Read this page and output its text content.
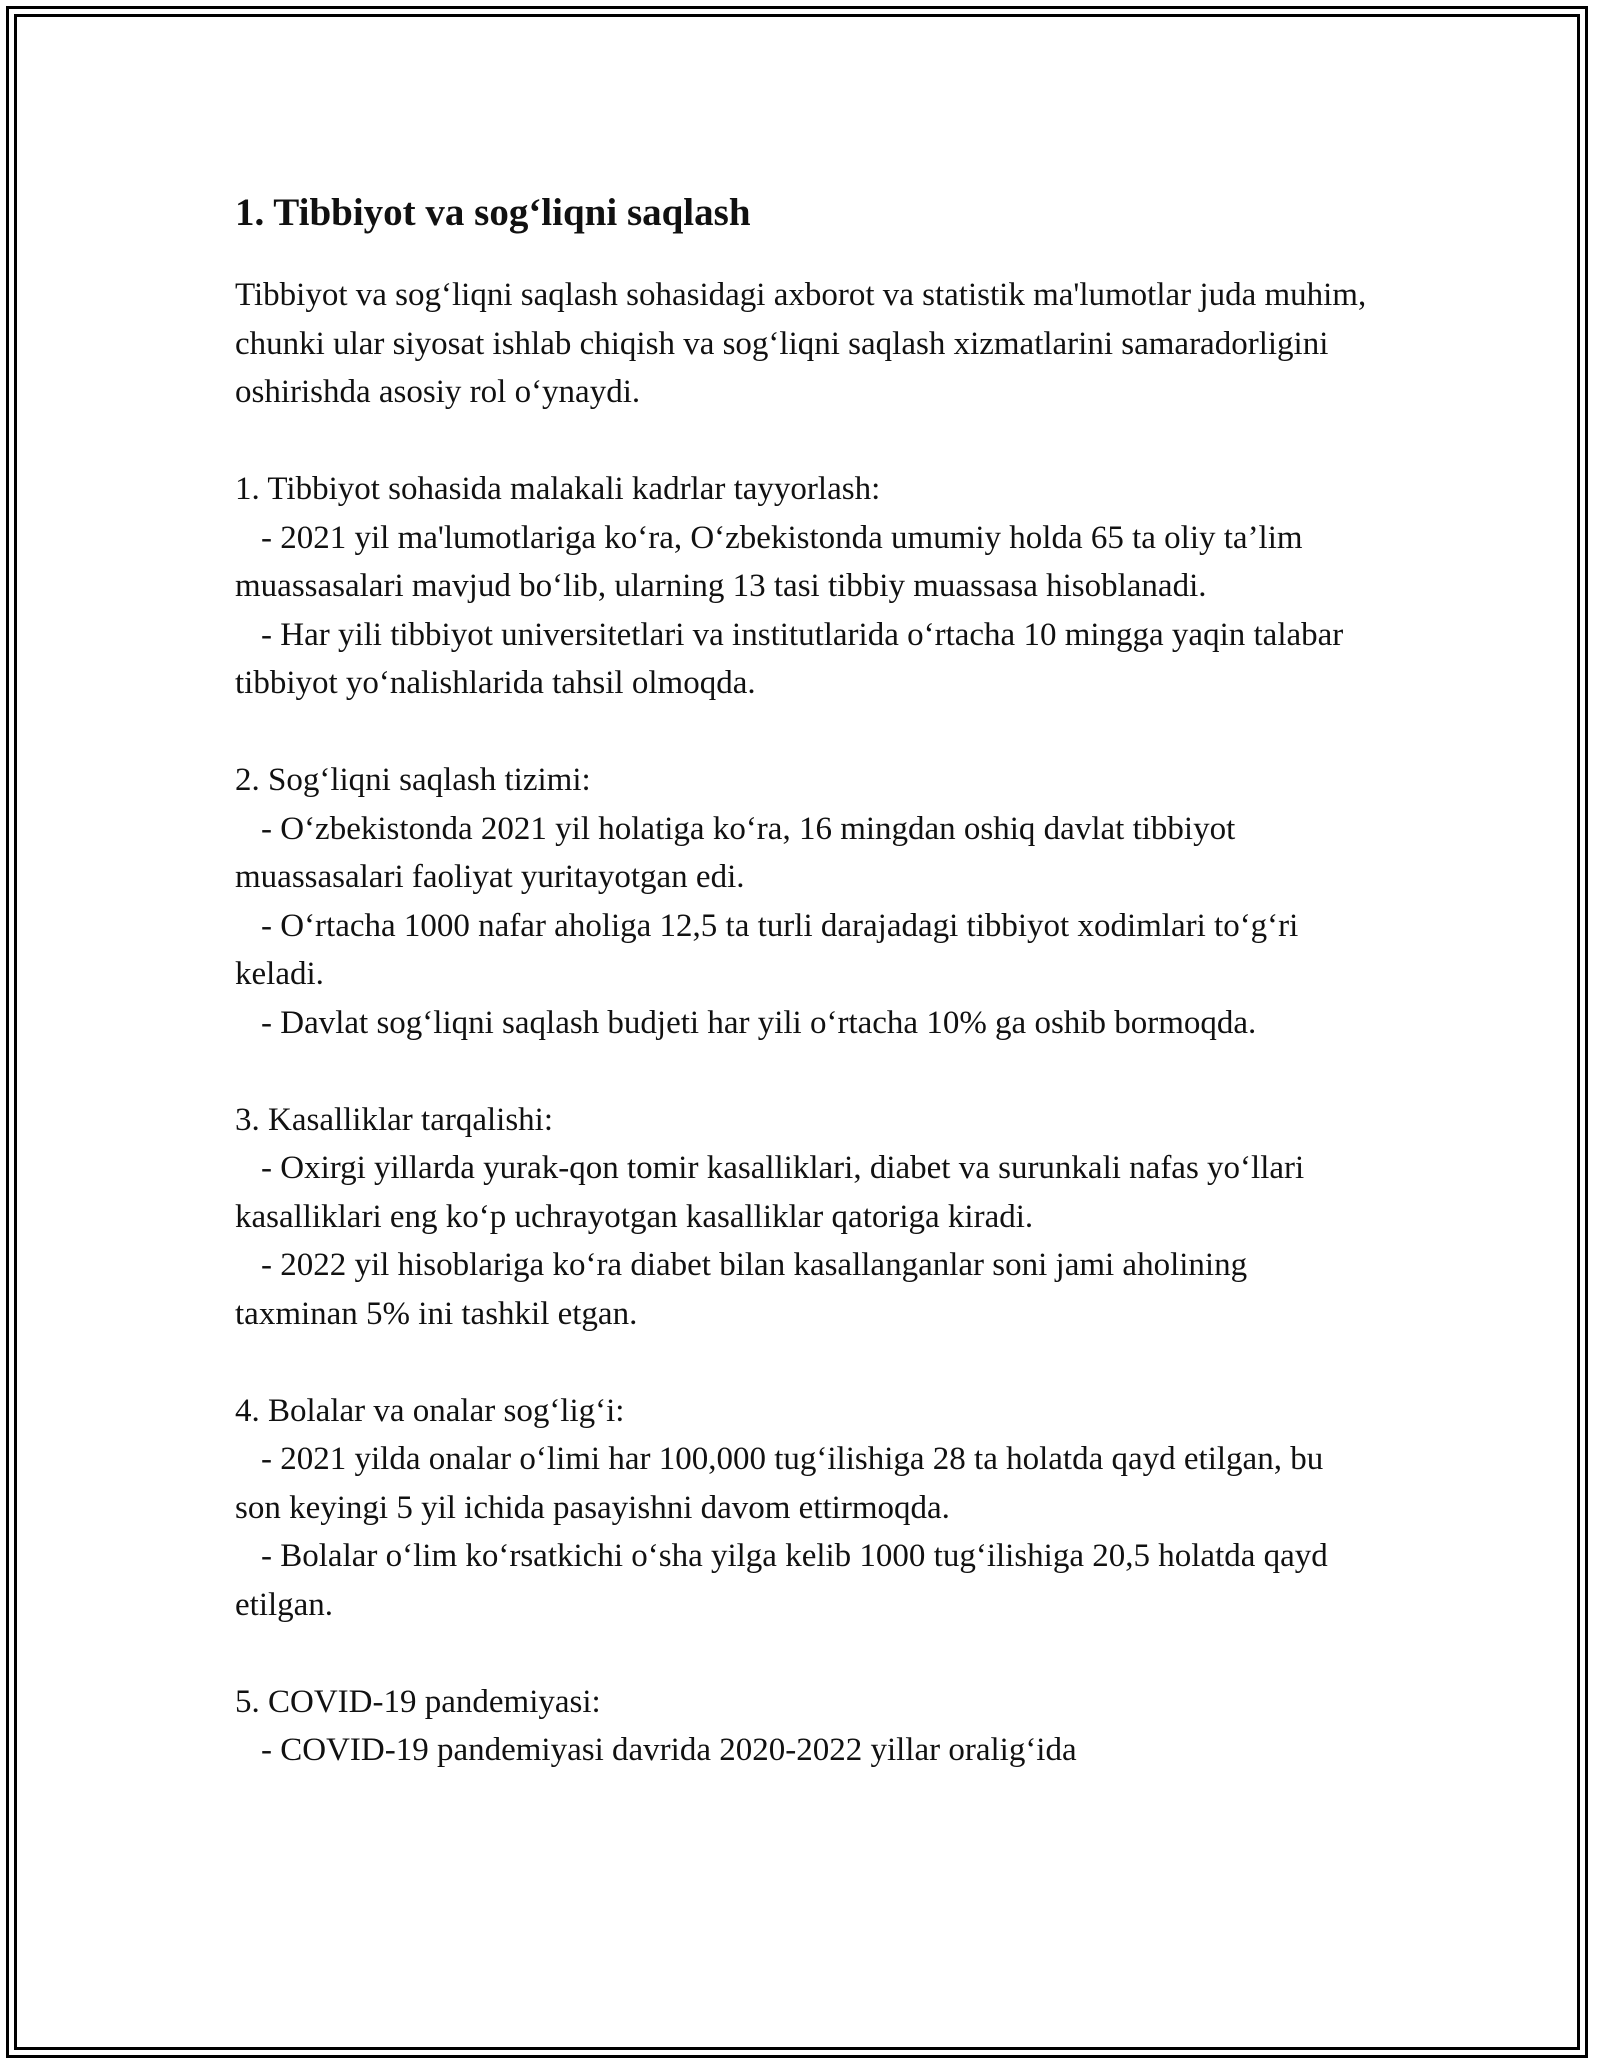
1. Tibbiyot va sog‘liqni saqlash

Tibbiyot va sog‘liqni saqlash sohasidagi axborot va statistik ma'lumotlar juda muhim, chunki ular siyosat ishlab chiqish va sog‘liqni saqlash xizmatlarini samaradorligini oshirishda asosiy rol o‘ynaydi.

1. Tibbiyot sohasida malakali kadrlar tayyorlash:

- 2021 yil ma'lumotlariga ko‘ra, O‘zbekistonda umumiy holda 65 ta oliy ta’lim muassasalari mavjud bo‘lib, ularning 13 tasi tibbiy muassasa hisoblanadi.

- Har yili tibbiyot universitetlari va institutlarida o‘rtacha 10 mingga yaqin talabar tibbiyot yo‘nalishlarida tahsil olmoqda.

2. Sog‘liqni saqlash tizimi:

- O‘zbekistonda 2021 yil holatiga ko‘ra, 16 mingdan oshiq davlat tibbiyot muassasalari faoliyat yuritayotgan edi.

- O‘rtacha 1000 nafar aholiga 12,5 ta turli darajadagi tibbiyot xodimlari to‘g‘ri keladi.

- Davlat sog‘liqni saqlash budjeti har yili o‘rtacha 10% ga oshib bormoqda.

3. Kasalliklar tarqalishi:

- Oxirgi yillarda yurak-qon tomir kasalliklari, diabet va surunkali nafas yo‘llari kasalliklari eng ko‘p uchrayotgan kasalliklar qatoriga kiradi.

- 2022 yil hisoblariga ko‘ra diabet bilan kasallanganlar soni jami aholining taxminan 5% ini tashkil etgan.

4. Bolalar va onalar sog‘lig‘i:

- 2021 yilda onalar o‘limi har 100,000 tug‘ilishiga 28 ta holatda qayd etilgan, bu son keyingi 5 yil ichida pasayishni davom ettirmoqda.

- Bolalar o‘lim ko‘rsatkichi o‘sha yilga kelib 1000 tug‘ilishiga 20,5 holatda qayd etilgan.

5. COVID-19 pandemiyasi:

- COVID-19 pandemiyasi davrida 2020-2022 yillar oralig‘ida
